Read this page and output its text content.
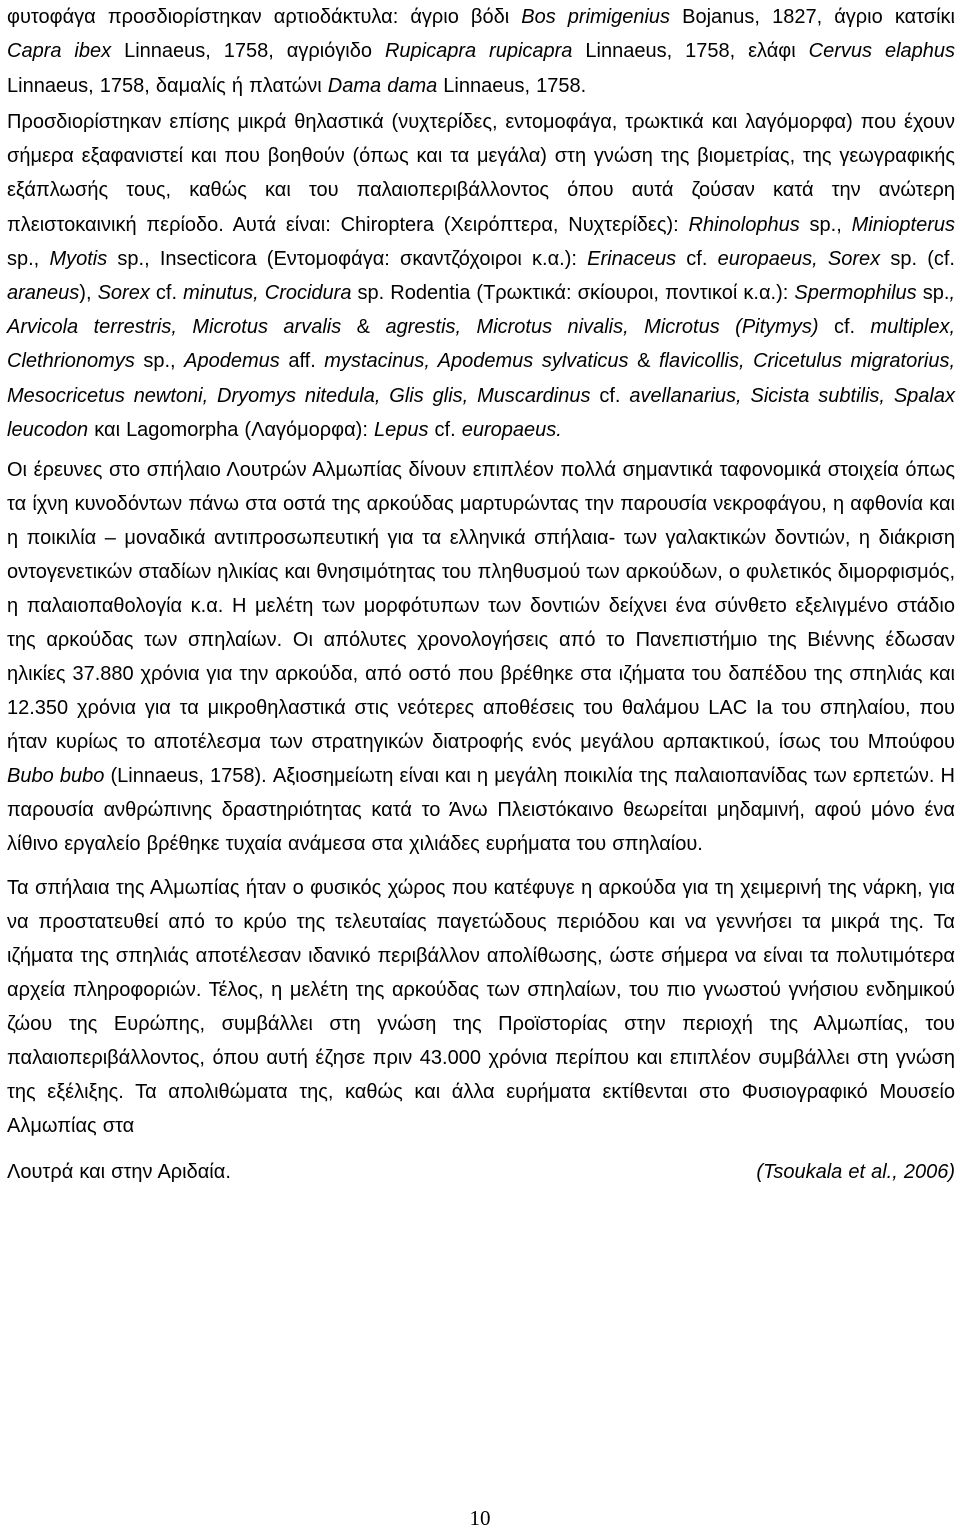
φυτοφάγα προσδιορίστηκαν αρτιοδάκτυλα: άγριο βόδι Bos primigenius Bojanus, 1827, άγριο κατσίκι Capra ibex Linnaeus, 1758, αγριόγιδο Rupicapra rupicapra Linnaeus, 1758, ελάφι Cervus elaphus Linnaeus, 1758, δαμαλίς ή πλατώνι Dama dama Linnaeus, 1758.

Προσδιορίστηκαν επίσης μικρά θηλαστικά (νυχτερίδες, εντομοφάγα, τρωκτικά και λαγόμορφα) που έχουν σήμερα εξαφανιστεί και που βοηθούν (όπως και τα μεγάλα) στη γνώση της βιομετρίας, της γεωγραφικής εξάπλωσής τους, καθώς και του παλαιοπεριβάλλοντος όπου αυτά ζούσαν κατά την ανώτερη πλειστοκαινική περίοδο. Αυτά είναι: Chiroptera (Χειρόπτερα, Νυχτερίδες): Rhinolophus sp., Miniopterus sp., Myotis sp., Insecticora (Εντομοφάγα: σκαντζόχοιροι κ.α.): Erinaceus cf. europaeus, Sorex sp. (cf. araneus), Sorex cf. minutus, Crocidura sp. Rodentia (Τρωκτικά: σκίουροι, ποντικοί κ.α.): Spermophilus sp., Arvicola terrestris, Microtus arvalis & agrestis, Microtus nivalis, Microtus (Pitymys) cf. multiplex, Clethrionomys sp., Apodemus aff. mystacinus, Apodemus sylvaticus & flavicollis, Cricetulus migratorius, Mesocricetus newtoni, Dryomys nitedula, Glis glis, Muscardinus cf. avellanarius, Sicista subtilis, Spalax leucodon και Lagomorpha (Λαγόμορφα): Lepus cf. europaeus.

Οι έρευνες στο σπήλαιο Λουτρών Αλμωπίας δίνουν επιπλέον πολλά σημαντικά ταφονομικά στοιχεία όπως τα ίχνη κυνοδόντων πάνω στα οστά της αρκούδας μαρτυρώντας την παρουσία νεκροφάγου, η αφθονία και η ποικιλία – μοναδικά αντιπροσωπευτική για τα ελληνικά σπήλαια- των γαλακτικών δοντιών, η διάκριση οντογενετικών σταδίων ηλικίας και θνησιμότητας του πληθυσμού των αρκούδων, ο φυλετικός διμορφισμός, η παλαιοπαθολογία κ.α. Η μελέτη των μορφότυπων των δοντιών δείχνει ένα σύνθετο εξελιγμένο στάδιο της αρκούδας των σπηλαίων. Οι απόλυτες χρονολογήσεις από το Πανεπιστήμιο της Βιέννης έδωσαν ηλικίες 37.880 χρόνια για την αρκούδα, από οστό που βρέθηκε στα ιζήματα του δαπέδου της σπηλιάς και 12.350 χρόνια για τα μικροθηλαστικά στις νεότερες αποθέσεις του θαλάμου LAC Ia του σπηλαίου, που ήταν κυρίως το αποτέλεσμα των στρατηγικών διατροφής ενός μεγάλου αρπακτικού, ίσως του Μπούφου Bubo bubo (Linnaeus, 1758). Αξιοσημείωτη είναι και η μεγάλη ποικιλία της παλαιοπανίδας των ερπετών. Η παρουσία ανθρώπινης δραστηριότητας κατά το Άνω Πλειστόκαινο θεωρείται μηδαμινή, αφού μόνο ένα λίθινο εργαλείο βρέθηκε τυχαία ανάμεσα στα χιλιάδες ευρήματα του σπηλαίου.

Τα σπήλαια της Αλμωπίας ήταν ο φυσικός χώρος που κατέφυγε η αρκούδα για τη χειμερινή της νάρκη, για να προστατευθεί από το κρύο της τελευταίας παγετώδους περιόδου και να γεννήσει τα μικρά της. Τα ιζήματα της σπηλιάς αποτέλεσαν ιδανικό περιβάλλον απολίθωσης, ώστε σήμερα να είναι τα πολυτιμότερα αρχεία πληροφοριών. Τέλος, η μελέτη της αρκούδας των σπηλαίων, του πιο γνωστού γνήσιου ενδημικού ζώου της Ευρώπης, συμβάλλει στη γνώση της Προϊστορίας στην περιοχή της Αλμωπίας, του παλαιοπεριβάλλοντος, όπου αυτή έζησε πριν 43.000 χρόνια περίπου και επιπλέον συμβάλλει στη γνώση της εξέλιξης. Τα απολιθώματα της, καθώς και άλλα ευρήματα εκτίθενται στο Φυσιογραφικό Μουσείο Αλμωπίας στα

Λουτρά και στην Αριδαία.	(Tsoukala et al., 2006)
10
